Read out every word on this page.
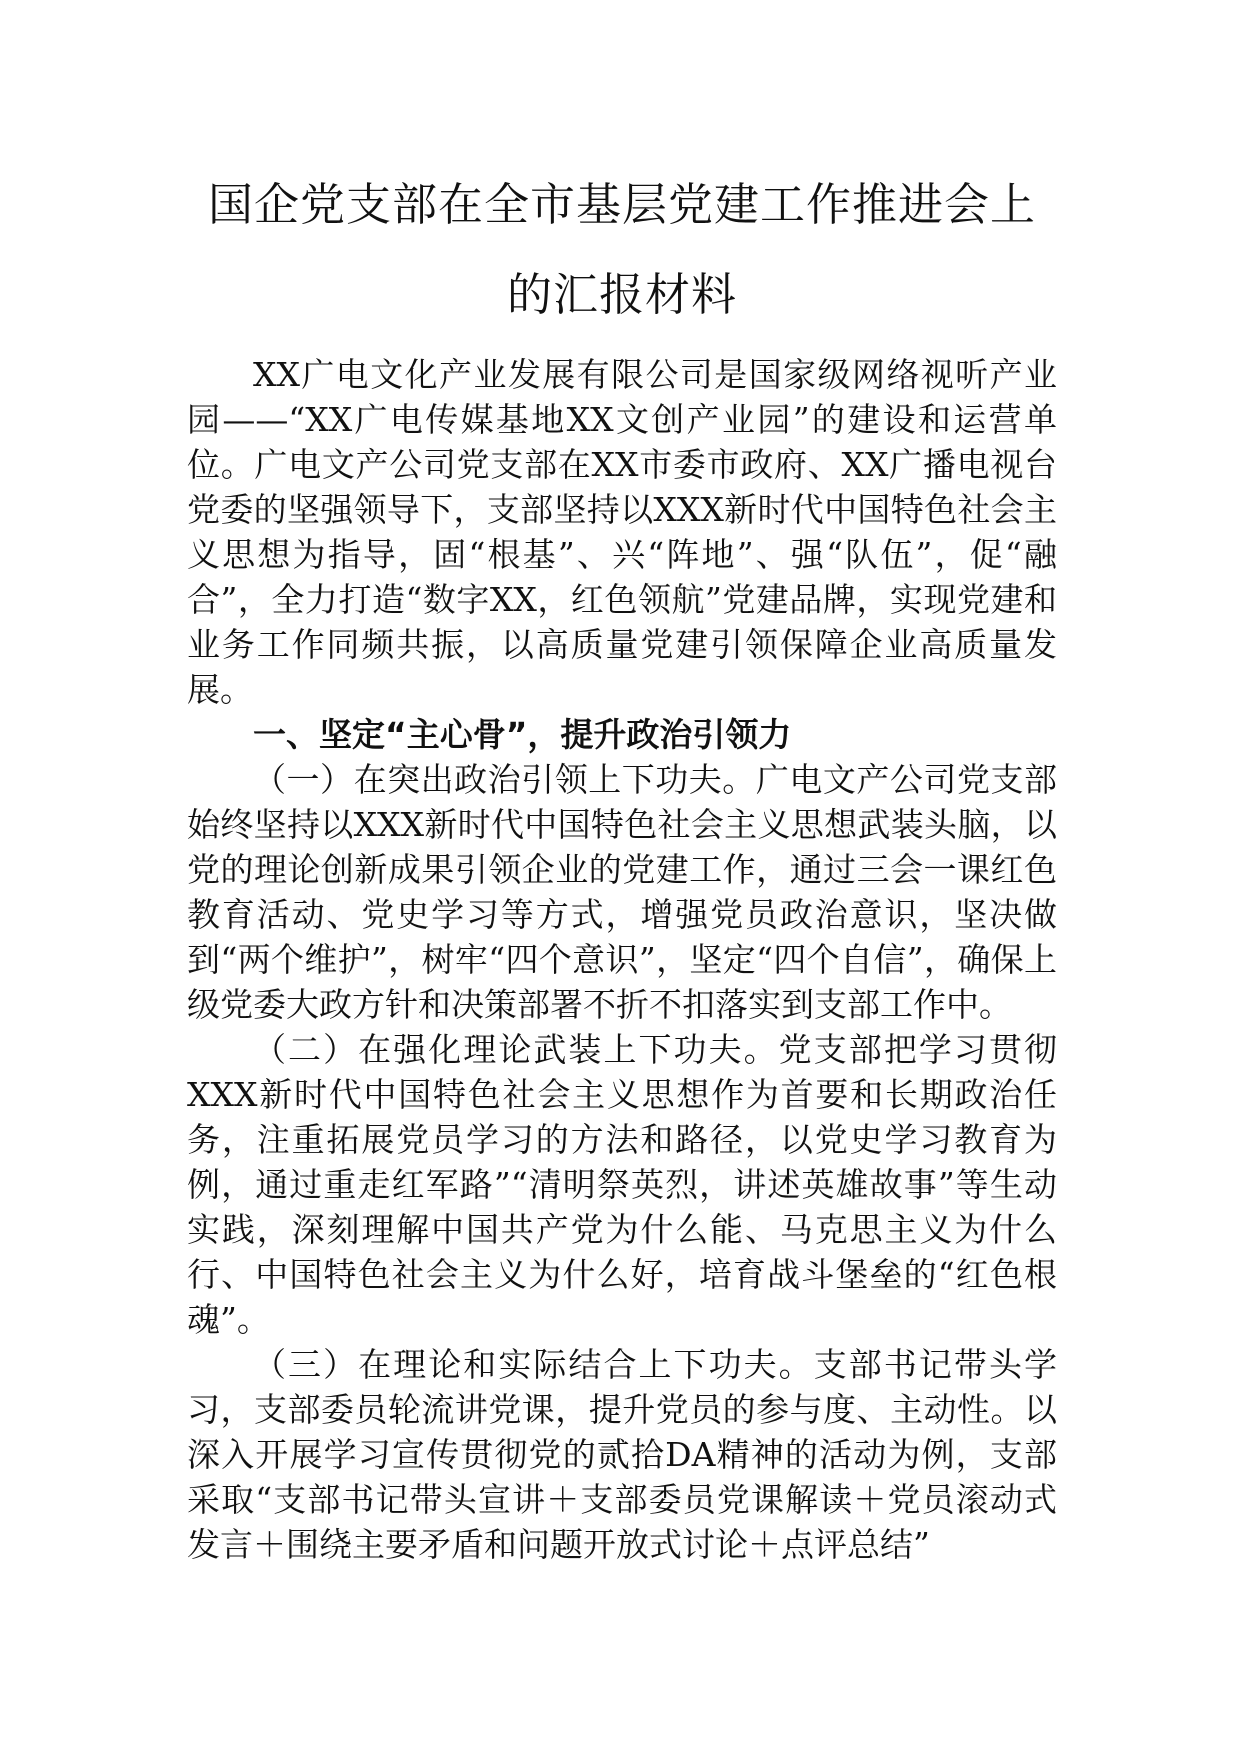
国企党支部在全市基层党建工作推进会上
的汇报材料

XX广电文化产业发展有限公司是国家级网络视听产业园——“XX广电传媒基地XX文创产业园”的建设和运营单位。广电文产公司党支部在XX市委市政府、XX广播电视台党委的坚强领导下，支部坚持以XXX新时代中国特色社会主义思想为指导，固“根基”、兴“阵地”、强“队伍”，促“融合”，全力打造“数字XX，红色领航”党建品牌，实现党建和业务工作同频共振，以高质量党建引领保障企业高质量发展。

一、坚定“主心骨”，提升政治引领力

（一）在突出政治引领上下功夫。广电文产公司党支部始终坚持以XXX新时代中国特色社会主义思想武装头脑，以党的理论创新成果引领企业的党建工作，通过三会一课红色教育活动、党史学习等方式，增强党员政治意识，坚决做到“两个维护”，树牢“四个意识”，坚定“四个自信”，确保上级党委大政方针和决策部署不折不扣落实到支部工作中。

（二）在强化理论武装上下功夫。党支部把学习贯彻XXX新时代中国特色社会主义思想作为首要和长期政治任务，注重拓展党员学习的方法和路径，以党史学习教育为例，通过重走红军路”“清明祭英烈，讲述英雄故事”等生动实践，深刻理解中国共产党为什么能、马克思主义为什么行、中国特色社会主义为什么好，培育战斗堡垒的“红色根魂”。

（三）在理论和实际结合上下功夫。支部书记带头学习，支部委员轮流讲党课，提升党员的参与度、主动性。以深入开展学习宣传贯彻党的贰拾DA精神的活动为例，支部采取“支部书记带头宣讲＋支部委员党课解读＋党员滚动式发言＋围绕主要矛盾和问题开放式讨论＋点评总结”
